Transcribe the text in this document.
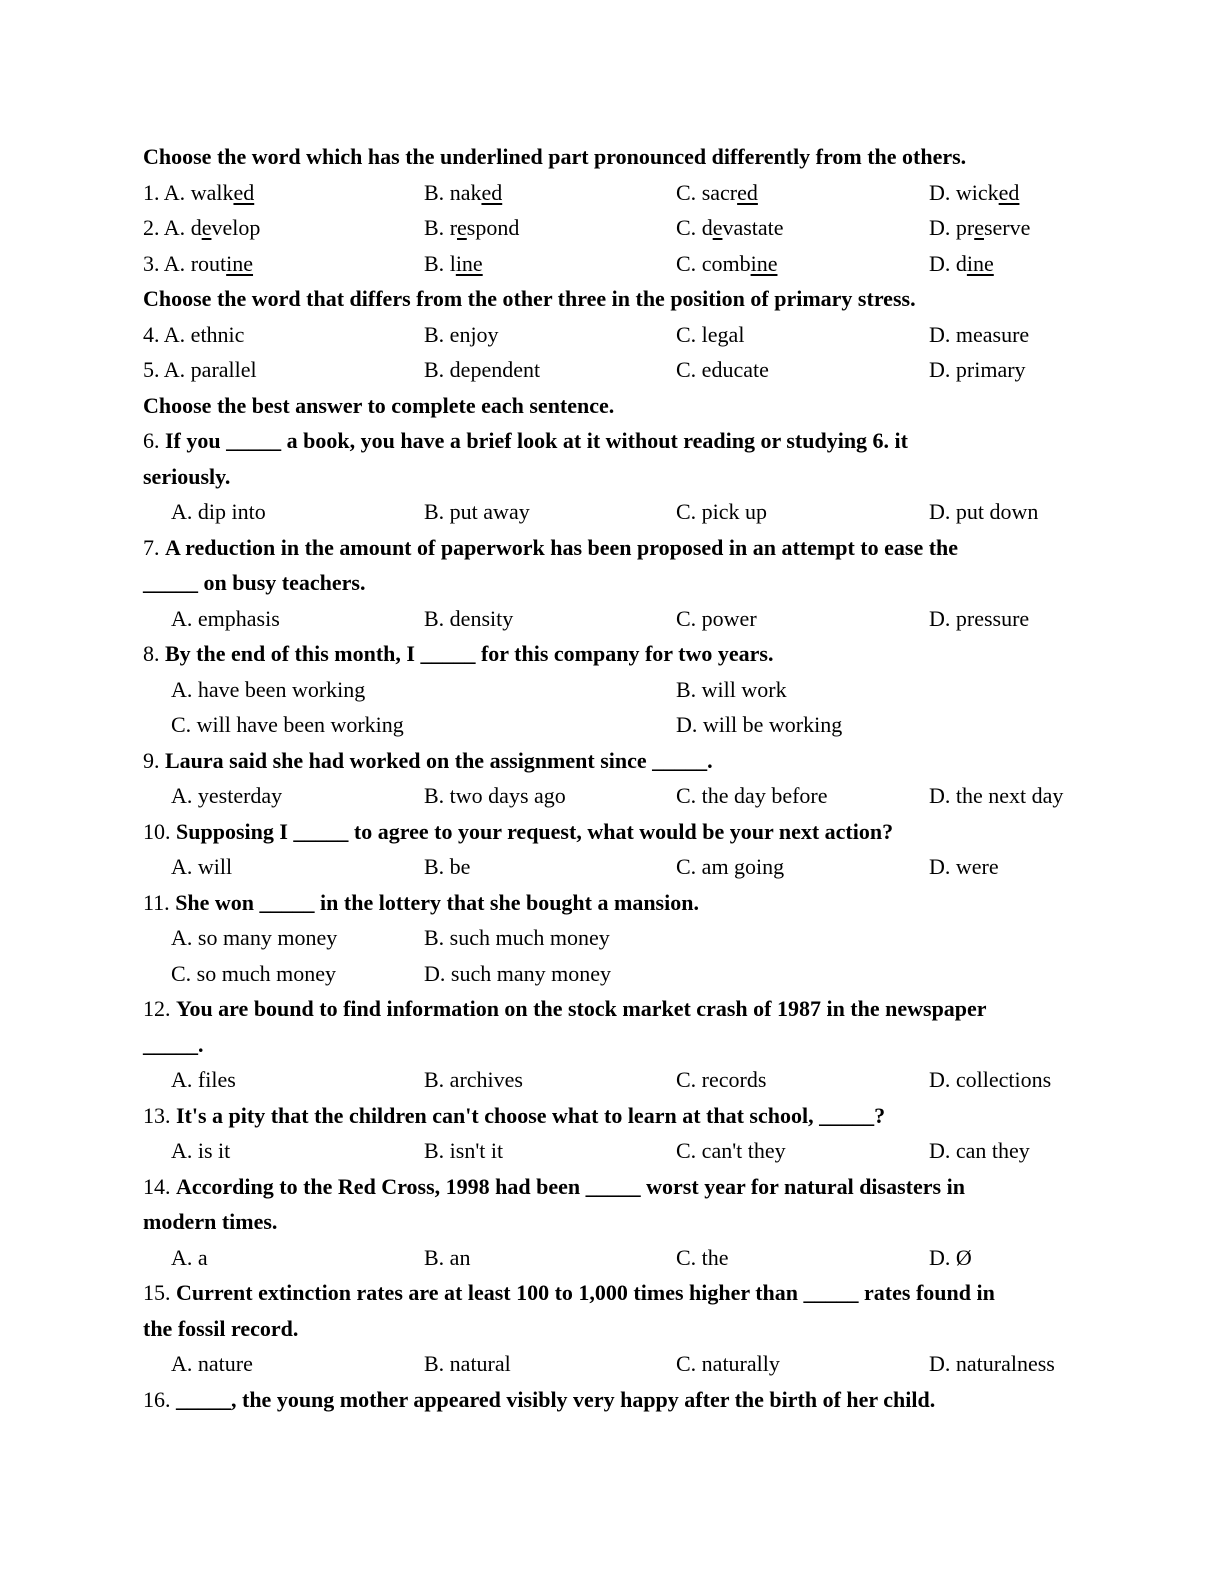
Choose the word which has the underlined part pronounced differently from the others.
1. A. walked	B. naked	C. sacred	D. wicked
2. A. develop	B. respond	C. devastate	D. preserve
3. A. routine	B. line	C. combine	D. dine
Choose the word that differs from the other three in the position of primary stress.
4. A. ethnic	B. enjoy	C. legal	D. measure
5. A. parallel	B. dependent	C. educate	D. primary
Choose the best answer to complete each sentence.
6. If you _____ a book, you have a brief look at it without reading or studying 6. it
seriously.
A. dip into	B. put away	C. pick up	D. put down
7. A reduction in the amount of paperwork has been proposed in an attempt to ease the
_____ on busy teachers.
A. emphasis	B. density	C. power	D. pressure
8. By the end of this month, I _____ for this company for two years.
A. have been working	B. will work
C. will have been working	D. will be working
9. Laura said she had worked on the assignment since _____.
A. yesterday	B. two days ago	C. the day before	D. the next day
10. Supposing I _____ to agree to your request, what would be your next action?
A. will	B. be	C. am going	D. were
11. She won _____ in the lottery that she bought a mansion.
A. so many money	B. such much money
C. so much money	D. such many money
12. You are bound to find information on the stock market crash of 1987 in the newspaper
_____.
A. files	B. archives	C. records	D. collections
13. It's a pity that the children can't choose what to learn at that school, _____?
A. is it	B. isn't it	C. can't they	D. can they
14. According to the Red Cross, 1998 had been _____ worst year for natural disasters in
modern times.
A. a	B. an	C. the	D. Ø
15. Current extinction rates are at least 100 to 1,000 times higher than _____ rates found in
the fossil record.
A. nature	B. natural	C. naturally	D. naturalness
16. _____, the young mother appeared visibly very happy after the birth of her child.
